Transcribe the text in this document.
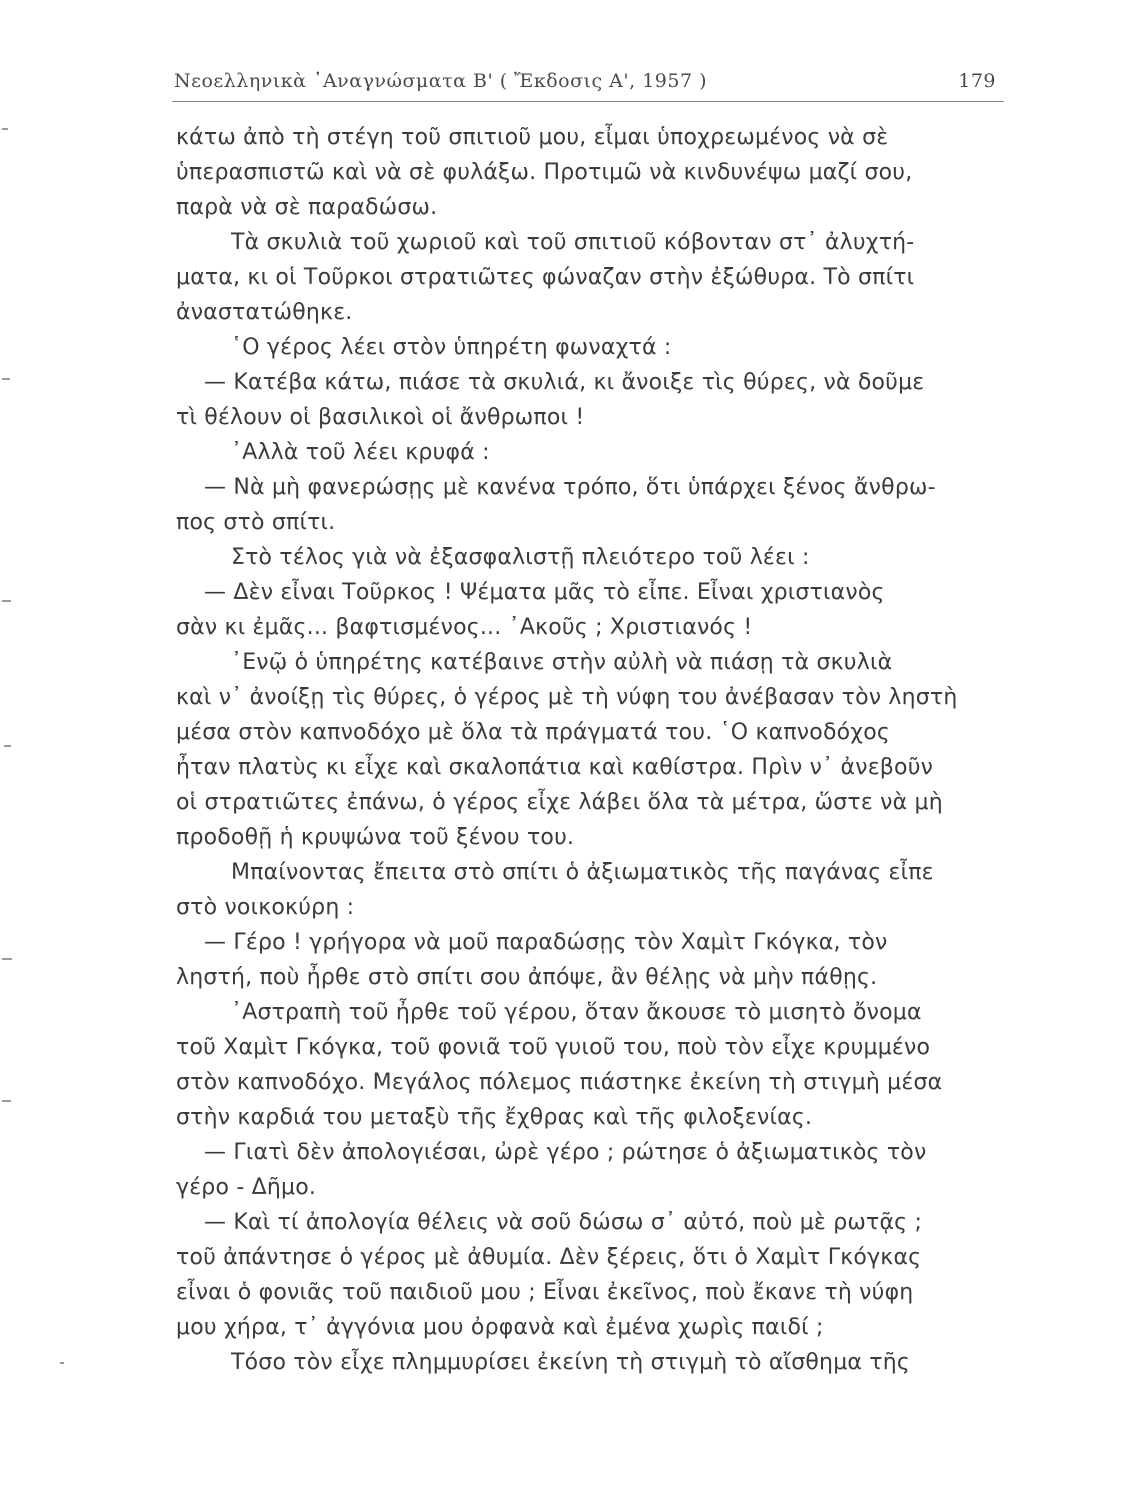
Νεοελληνικὰ ᾽Αναγνώσματα Β' ( Ἔκδοσις Α', 1957 )	179
κάτω ἀπὸ τὴ στέγη τοῦ σπιτιοῦ μου, εἶμαι ὑποχρεωμένος νὰ σὲ
ὑπερασπιστῶ καὶ νὰ σὲ φυλάξω. Προτιμῶ νὰ κινδυνέψω μαζί σου,
παρὰ νὰ σὲ παραδώσω.
Τὰ σκυλιὰ τοῦ χωριοῦ καὶ τοῦ σπιτιοῦ κόβονταν στ᾽ ἀλυχτή-
ματα, κι οἱ Τοῦρκοι στρατιῶτες φώναζαν στὴν ἐξώθυρα. Τὸ σπίτι
ἀναστατώθηκε.
῾Ο γέρος λέει στὸν ὑπηρέτη φωναχτά :
— Κατέβα κάτω, πιάσε τὰ σκυλιά, κι ἄνοιξε τὶς θύρες, νὰ δοῦμε
τὶ θέλουν οἱ βασιλικοὶ οἱ ἄνθρωποι !
᾽Αλλὰ τοῦ λέει κρυφά :
— Νὰ μὴ φανερώσῃς μὲ κανένα τρόπο, ὅτι ὑπάρχει ξένος ἄνθρω-
πος στὸ σπίτι.
Στὸ τέλος γιὰ νὰ ἐξασφαλιστῇ πλειότερο τοῦ λέει :
— Δὲν εἶναι Τοῦρκος ! Ψέματα μᾶς τὸ εἶπε. Εἶναι χριστιανὸς
σὰν κι ἐμᾶς... βαφτισμένος... ᾽Ακοῦς ; Χριστιανός !
᾽Ενῷ ὁ ὑπηρέτης κατέβαινε στὴν αὐλὴ νὰ πιάσῃ τὰ σκυλιὰ
καὶ ν᾽ ἀνοίξῃ τὶς θύρες, ὁ γέρος μὲ τὴ νύφη του ἀνέβασαν τὸν ληστὴ
μέσα στὸν καπνοδόχο μὲ ὅλα τὰ πράγματά του. ῾Ο καπνοδόχος
ἦταν πλατὺς κι εἶχε καὶ σκαλοπάτια καὶ καθίστρα. Πρὶν ν᾽ ἀνεβοῦν
οἱ στρατιῶτες ἐπάνω, ὁ γέρος εἶχε λάβει ὅλα τὰ μέτρα, ὥστε νὰ μὴ
προδοθῇ ἡ κρυψώνα τοῦ ξένου του.
Μπαίνοντας ἔπειτα στὸ σπίτι ὁ ἀξιωματικὸς τῆς παγάνας εἶπε
στὸ νοικοκύρη :
— Γέρο ! γρήγορα νὰ μοῦ παραδώσῃς τὸν Χαμὶτ Γκόγκα, τὸν
ληστή, ποὺ ἦρθε στὸ σπίτι σου ἀπόψε, ἂν θέλῃς νὰ μὴν πάθῃς.
᾽Αστραπὴ τοῦ ἦρθε τοῦ γέρου, ὅταν ἄκουσε τὸ μισητὸ ὄνομα
τοῦ Χαμὶτ Γκόγκα, τοῦ φονιᾶ τοῦ γυιοῦ του, ποὺ τὸν εἶχε κρυμμένο
στὸν καπνοδόχο. Μεγάλος πόλεμος πιάστηκε ἐκείνη τὴ στιγμὴ μέσα
στὴν καρδιά του μεταξὺ τῆς ἔχθρας καὶ τῆς φιλοξενίας.
— Γιατὶ δὲν ἀπολογιέσαι, ὠρὲ γέρο ; ρώτησε ὁ ἀξιωματικὸς τὸν
γέρο - Δῆμο.
— Καὶ τί ἀπολογία θέλεις νὰ σοῦ δώσω σ᾽ αὐτό, ποὺ μὲ ρωτᾷς ;
τοῦ ἀπάντησε ὁ γέρος μὲ ἀθυμία. Δὲν ξέρεις, ὅτι ὁ Χαμὶτ Γκόγκας
εἶναι ὁ φονιᾶς τοῦ παιδιοῦ μου ; Εἶναι ἐκεῖνος, ποὺ ἔκανε τὴ νύφη
μου χήρα, τ᾽ ἀγγόνια μου ὀρφανὰ καὶ ἐμένα χωρὶς παιδί ;
Τόσο τὸν εἶχε πλημμυρίσει ἐκείνη τὴ στιγμὴ τὸ αἴσθημα τῆς
